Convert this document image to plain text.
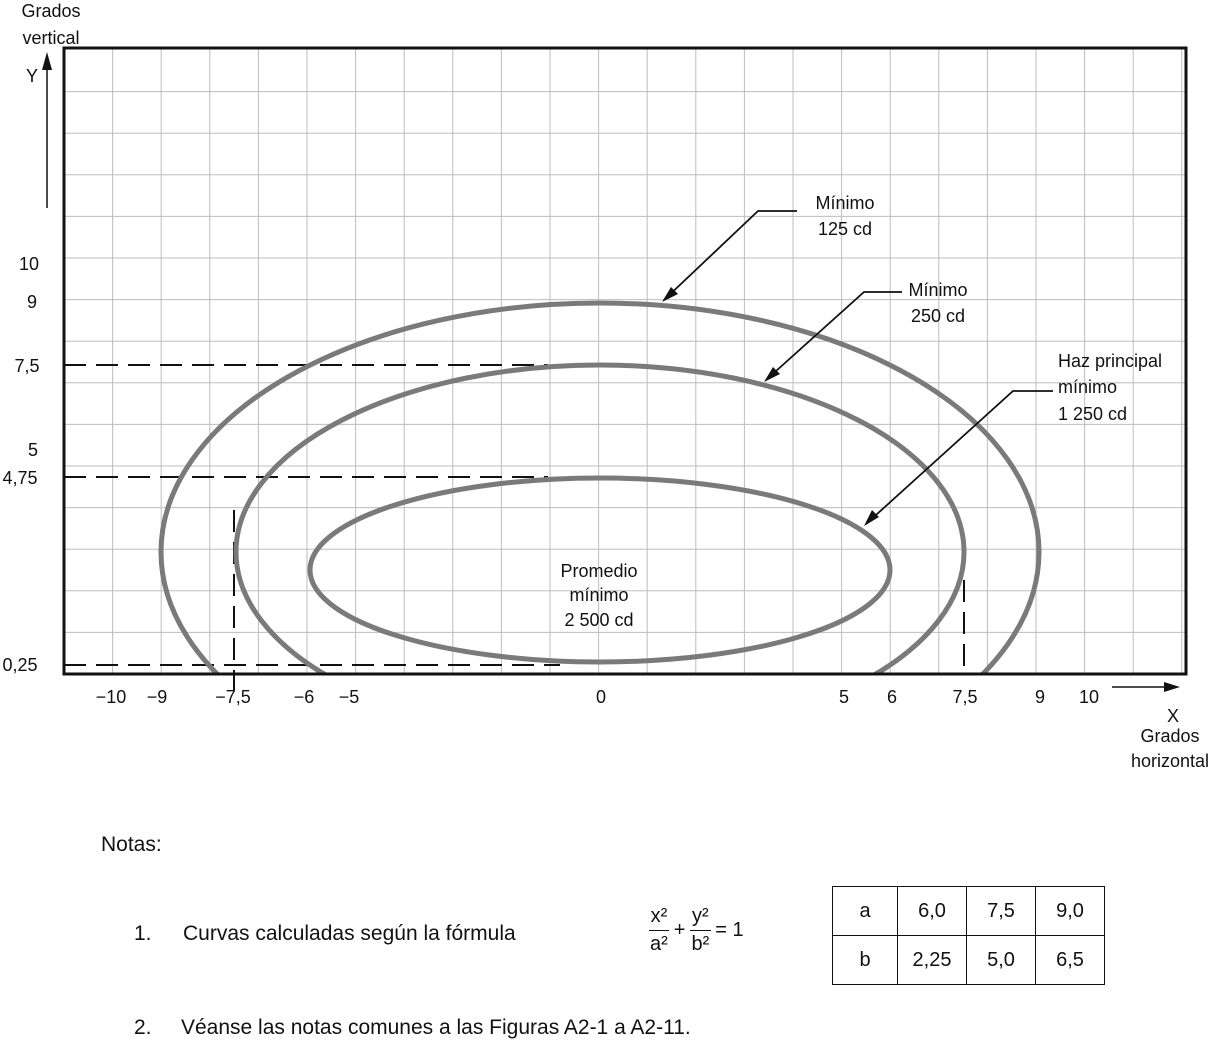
Grados
vertical
Y
X
Grados
horizontal
10
9
7,5
5
4,75
0,25
−10 −9	−7,5 −6 −5	0	5 6	7,5	9 10
Mínimo
125 cd
Mínimo
250 cd
Haz principal
mínimo
1 250 cd
Promedio
mínimo
2 500 cd
Notas:
1. Curvas calculadas según la fórmula	$\frac{\text{x²}}{\text{a²}} + \frac{\text{y²}}{\text{b²}} = 1$
a	6,0	7,5	9,0
b	2,25	5,0	6,5
2. Véanse las notas comunes a las Figuras A2-1 a A2-11.
